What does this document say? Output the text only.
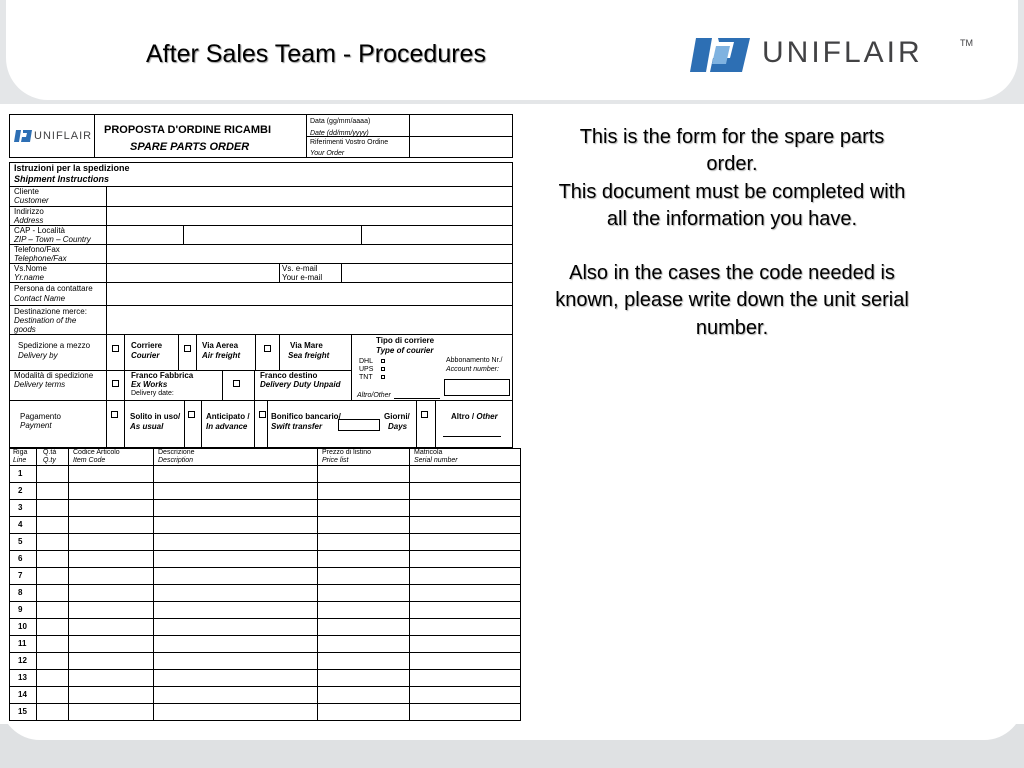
After Sales Team - Procedures	UNIFLAIR	TM

This is the form for the spare parts order.

This document must be completed with all the information you have.

Also in the cases the code needed is known, please write down the unit serial number.

UNIFLAIR PROPOSTA D'ORDINE RICAMBI
SPARE PARTS ORDER
Data (gg/mm/aaaa)
Date (dd/mm/yyyy)
Riferimenti Vostro Ordine
Your Order
Istruzioni per la spedizione
Shipment Instructions
Cliente
Customer
Indirizzo
Address
CAP - Località
ZIP – Town – Country
Telefono/Fax
Telephone/Fax
Vs.Nome
Yr.name
Vs. e-mail
Your e-mail
Persona da contattare
Contact Name
Destinazione merce:
Destination of the
goods
Spedizione a mezzo
Delivery by
Corriere
Courier
Via Aerea
Air freight
Via Mare
Sea freight
Tipo di corriere
Type of courier
DHL
UPS
TNT
Altro/Other
Abbonamento Nr./
Account number:
Modalità di spedizione
Delivery terms
Franco Fabbrica
Ex Works
Delivery date:
Franco destino
Delivery Duty Unpaid
Pagamento
Payment
Solito in uso/
As usual
Anticipato /
In advance
Bonifico bancario/
Swift transfer
Giorni/
Days
Altro / Other
Riga
Line
Q.tà
Q.ty
Codice Articolo
Item Code
Descrizione
Description
Prezzo di listino
Price list
Matricola
Serial number
1
2
3
4
5
6
7
8
9
10
11
12
13
14
15
